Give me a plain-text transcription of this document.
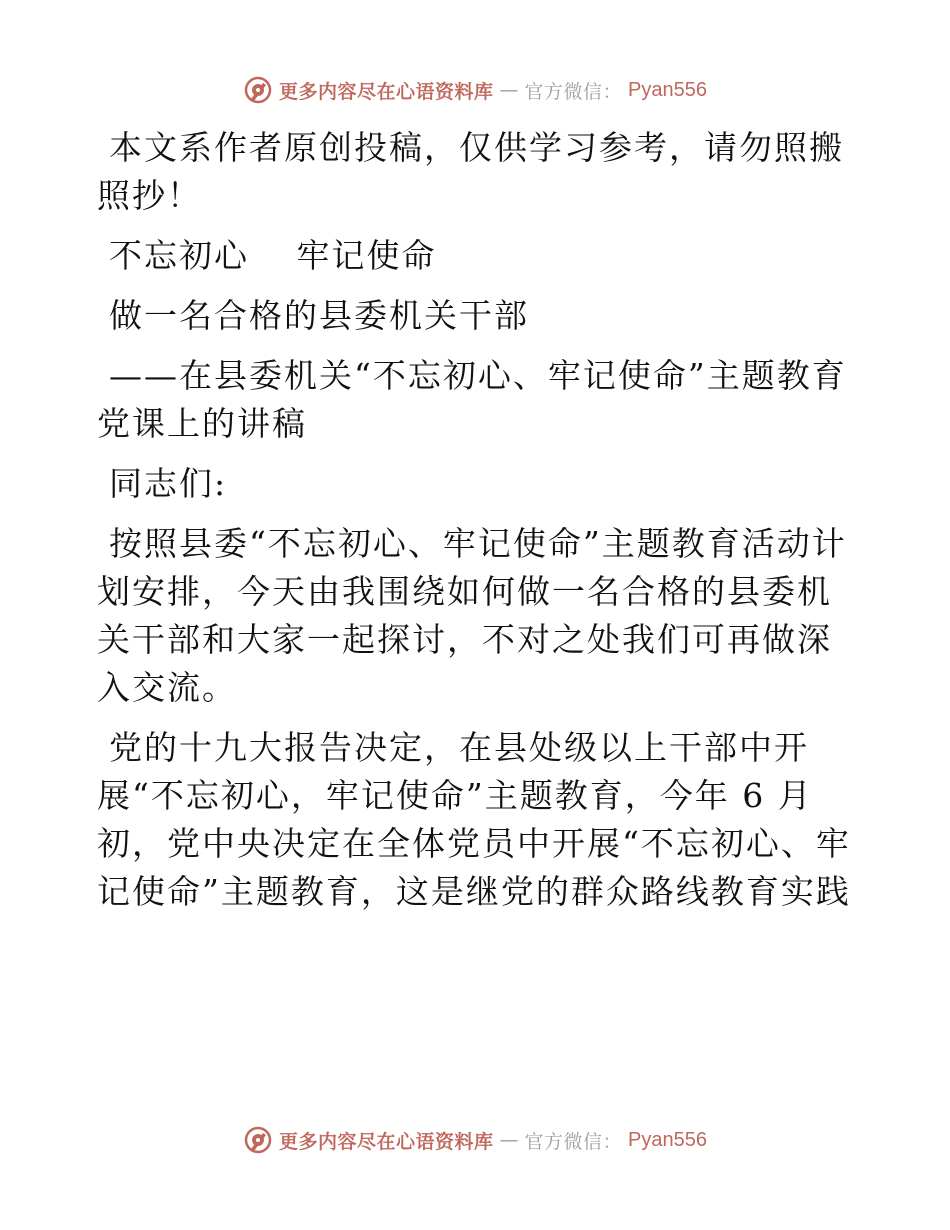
更多内容尽在心语资料库 — 官方微信： Pyan556

本文系作者原创投稿，仅供学习参考，请勿照搬照抄！

不忘初心　 牢记使命

做一名合格的县委机关干部

——在县委机关“不忘初心、牢记使命”主题教育党课上的讲稿

同志们:

按照县委“不忘初心、牢记使命”主题教育活动计划安排，今天由我围绕如何做一名合格的县委机关干部和大家一起探讨，不对之处我们可再做深入交流。

党的十九大报告决定，在县处级以上干部中开展“不忘初心，牢记使命”主题教育，今年 6 月初，党中央决定在全体党员中开展“不忘初心、牢记使命”主题教育，这是继党的群众路线教育实践

更多内容尽在心语资料库 — 官方微信： Pyan556
